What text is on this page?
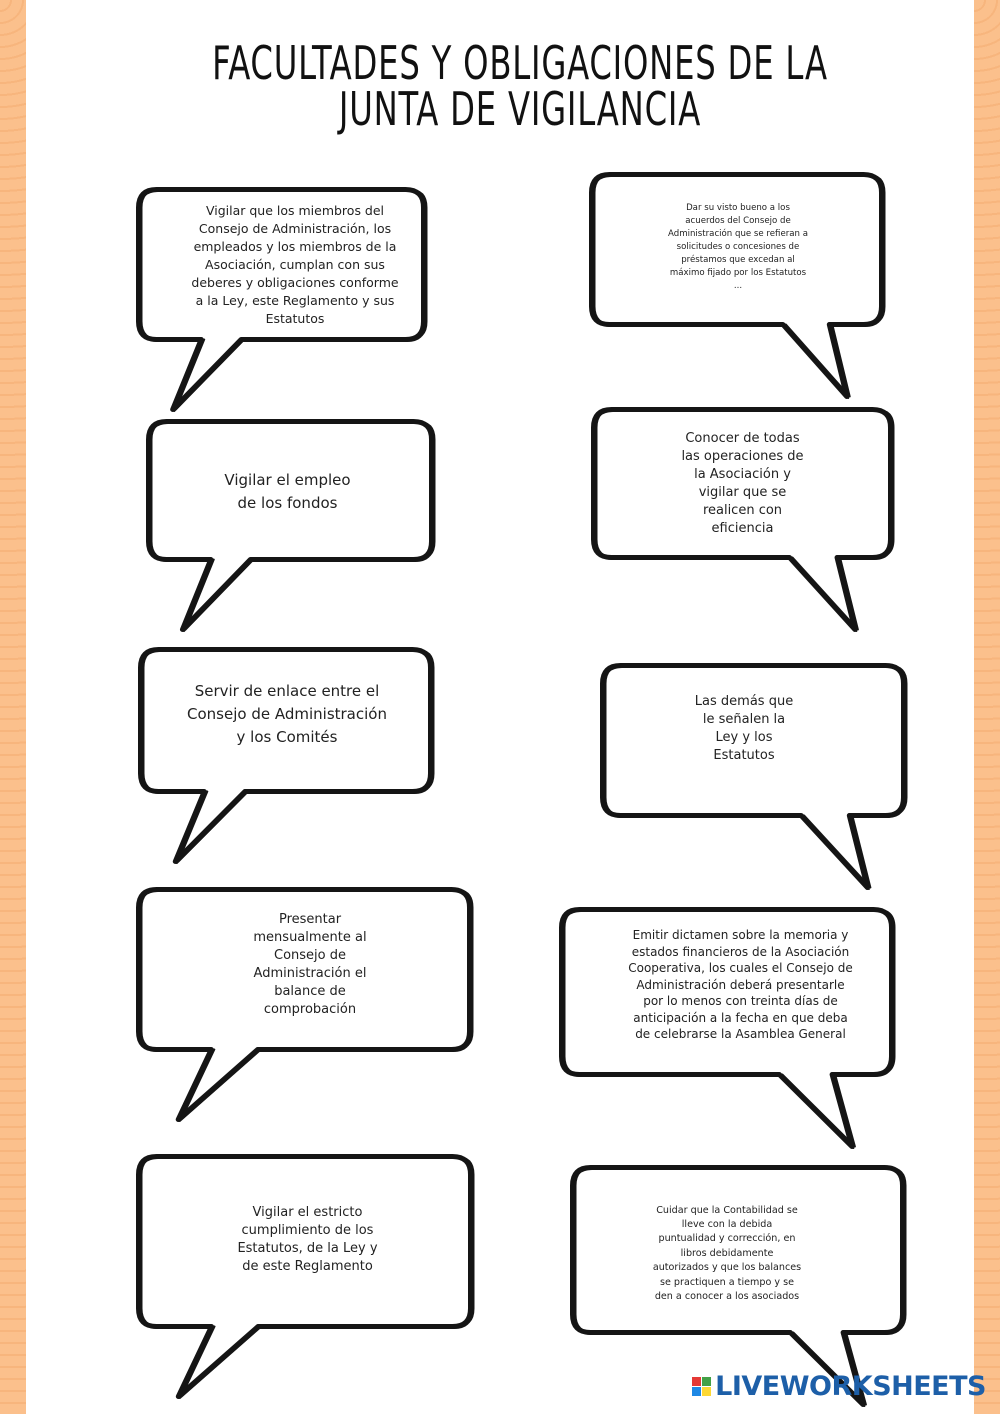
FACULTADES Y OBLIGACIONES DE LA JUNTA DE VIGILANCIA
Vigilar que los miembros del Consejo de Administración, los empleados y los miembros de la Asociación, cumplan con sus deberes y obligaciones conforme a la Ley, este Reglamento y sus Estatutos
Dar su visto bueno a los acuerdos del Consejo de Administración que se refieran a solicitudes o concesiones de préstamos que excedan al máximo fijado por los Estatutos ...
Vigilar el empleo de los fondos
Conocer de todas las operaciones de la Asociación y vigilar que se realicen con eficiencia
Servir de enlace entre el Consejo de Administración y los Comités
Las demás que le señalen la Ley y los Estatutos
Presentar mensualmente al Consejo de Administración el balance de comprobación
Emitir dictamen sobre la memoria y estados financieros de la Asociación Cooperativa, los cuales el Consejo de Administración deberá presentarle por lo menos con treinta días de anticipación a la fecha en que deba de celebrarse la Asamblea General
Vigilar el estricto cumplimiento de los Estatutos, de la Ley y de este Reglamento
Cuidar que la Contabilidad se lleve con la debida puntualidad y corrección, en libros debidamente autorizados y que los balances se practiquen a tiempo y se den a conocer a los asociados
LIVEWORKSHEETS
